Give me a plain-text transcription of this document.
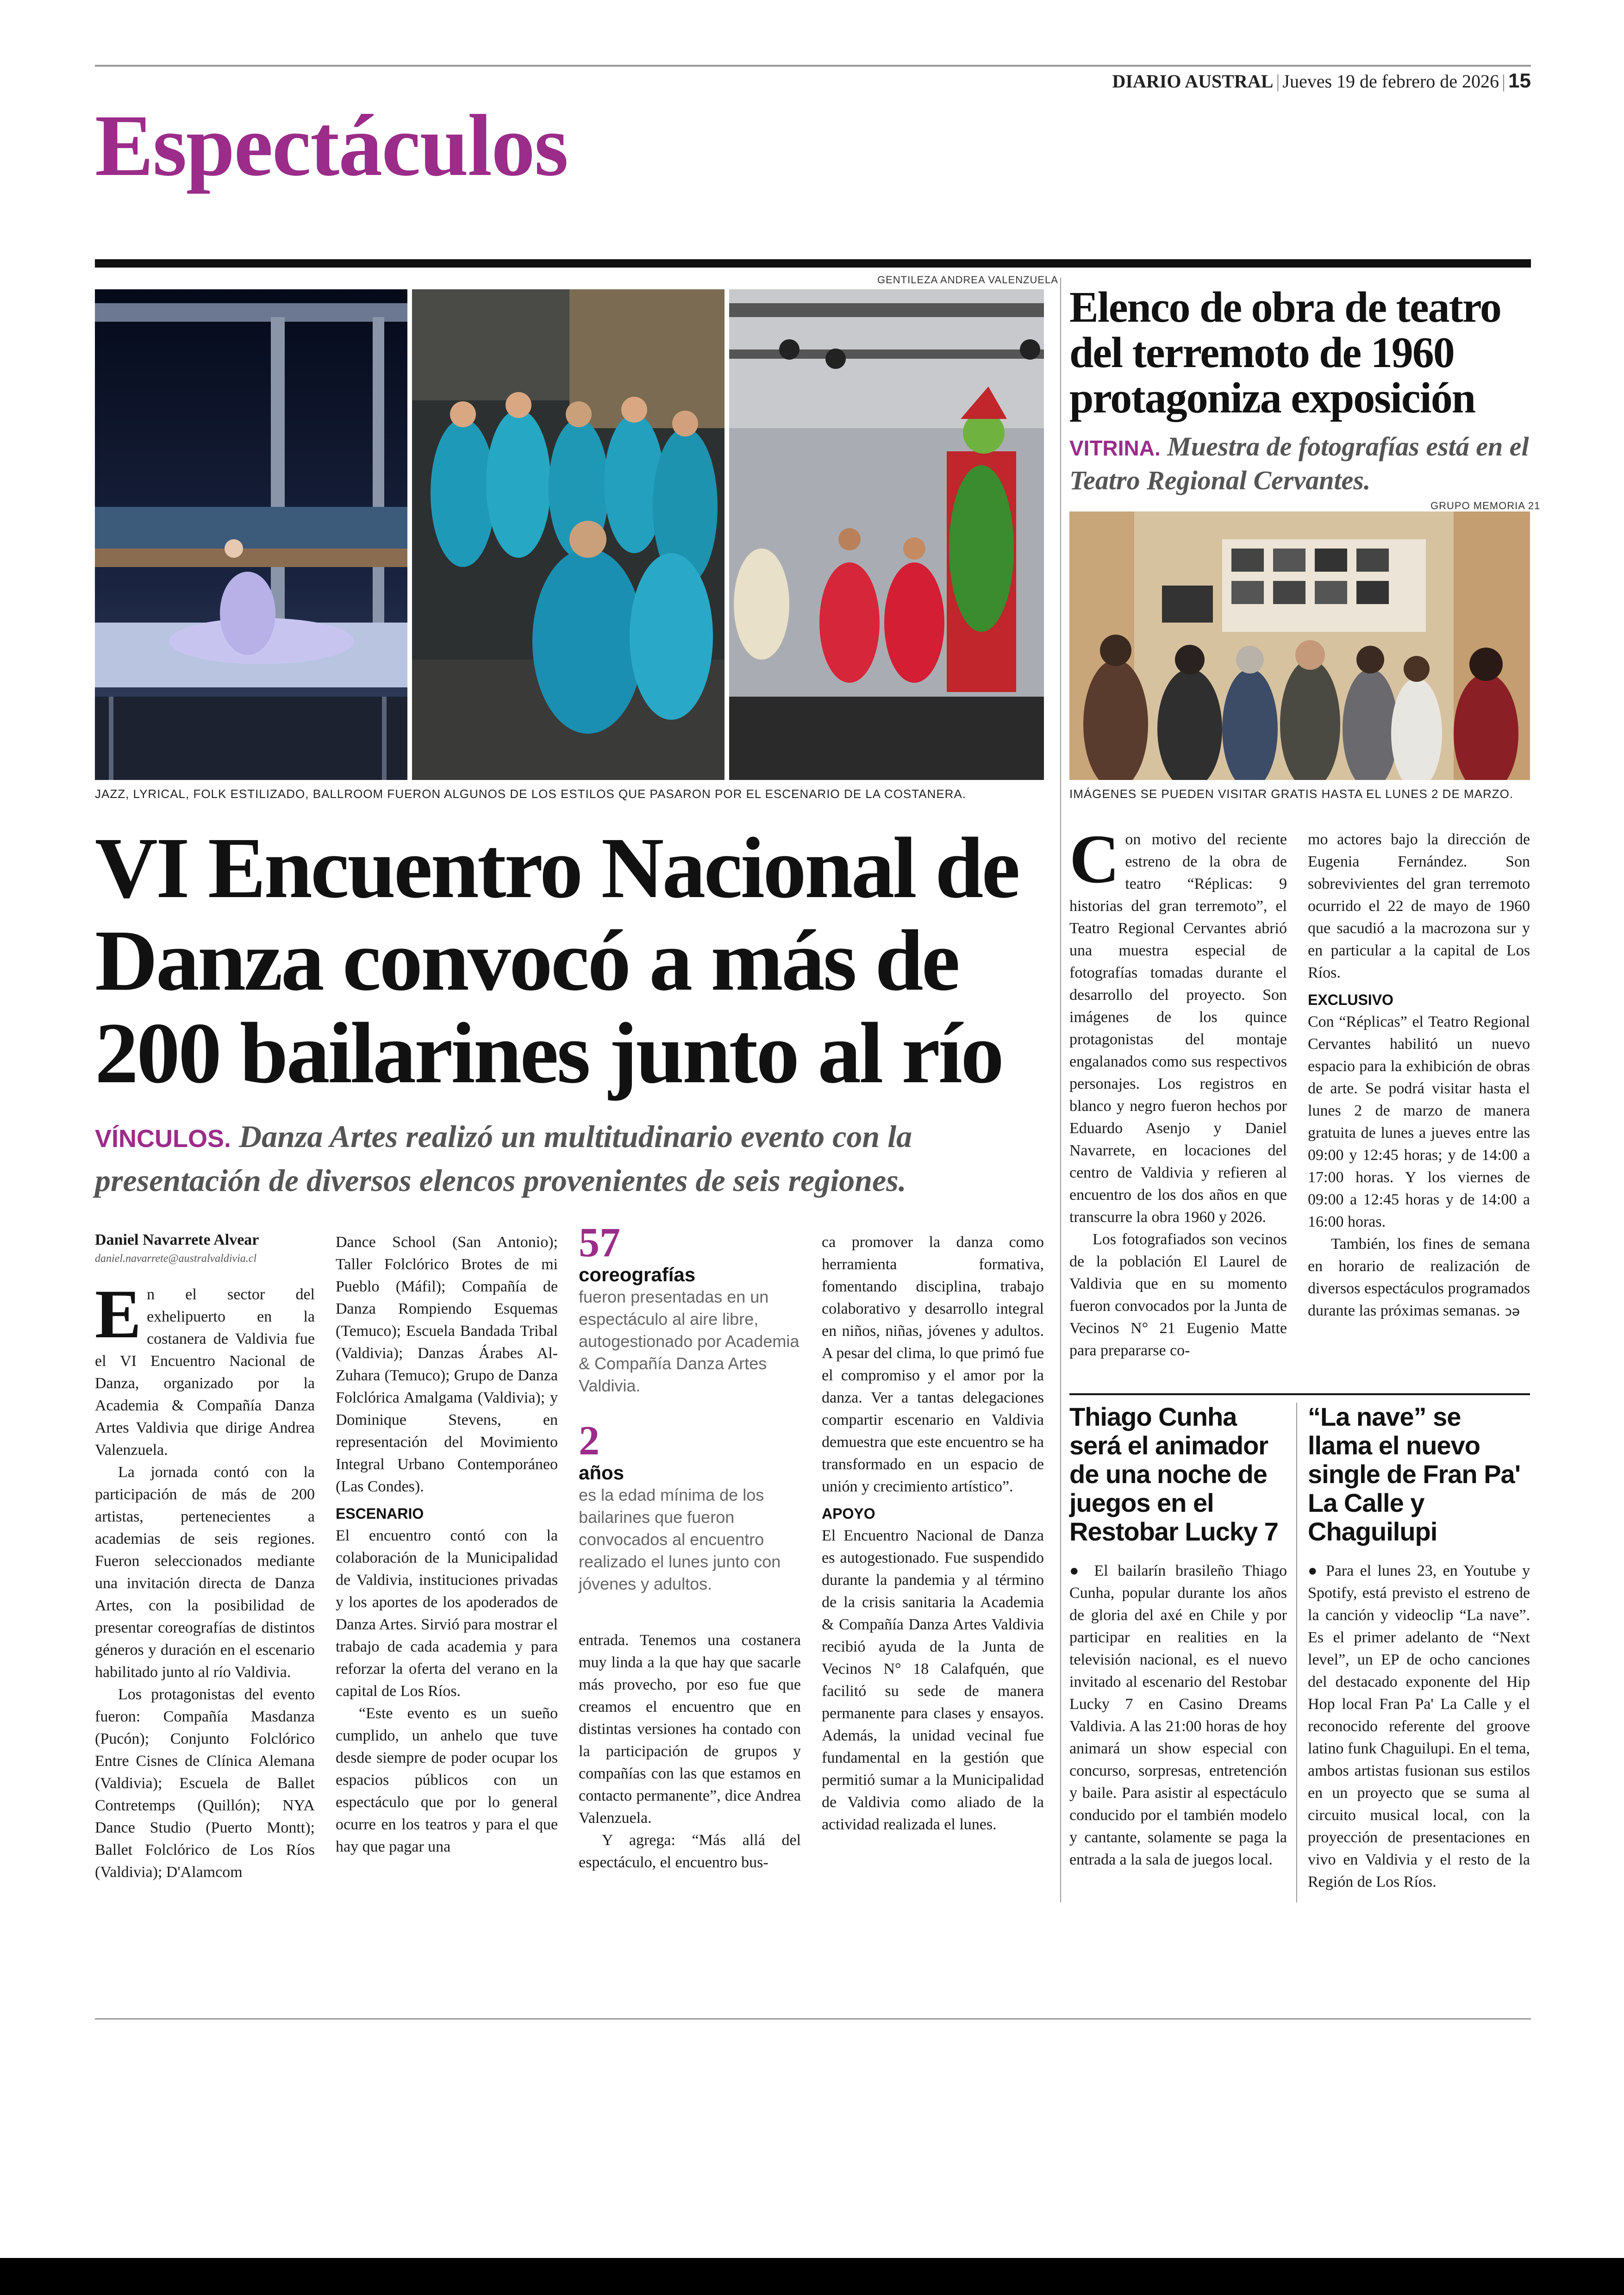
DIARIO AUSTRAL | Jueves 19 de febrero de 2026 | 15
Espectáculos
GENTILEZA ANDREA VALENZUELA
JAZZ, LYRICAL, FOLK ESTILIZADO, BALLROOM FUERON ALGUNOS DE LOS ESTILOS QUE PASARON POR EL ESCENARIO DE LA COSTANERA.
VI Encuentro Nacional de
Danza convocó a más de
200 bailarines junto al río
VÍNCULOS. Danza Artes realizó un multitudinario evento con la presentación de diversos elencos provenientes de seis regiones.
Daniel Navarrete Alvear
daniel.navarrete@australvaldivia.cl

En el sector del exhelipuerto en la costanera de Valdivia fue el VI Encuentro Nacional de Danza, organizado por la Academia & Compañía Danza Artes Valdivia que dirige Andrea Valenzuela.

La jornada contó con la participación de más de 200 artistas, pertenecientes a academias de seis regiones. Fueron seleccionados mediante una invitación directa de Danza Artes, con la posibilidad de presentar coreografías de distintos géneros y duración en el escenario habilitado junto al río Valdivia.

Los protagonistas del evento fueron: Compañía Masdanza (Pucón); Conjunto Folclórico Entre Cisnes de Clínica Alemana (Valdivia); Escuela de Ballet Contretemps (Quillón); NYA Dance Studio (Puerto Montt); Ballet Folclórico de Los Ríos (Valdivia); D'Alamcom

Dance School (San Antonio); Taller Folclórico Brotes de mi Pueblo (Máfil); Compañía de Danza Rompiendo Esquemas (Temuco); Escuela Bandada Tribal (Valdivia); Danzas Árabes Al-Zuhara (Temuco); Grupo de Danza Folclórica Amalgama (Valdivia); y Dominique Stevens, en representación del Movimiento Integral Urbano Contemporáneo (Las Condes).

ESCENARIO

El encuentro contó con la colaboración de la Municipalidad de Valdivia, instituciones privadas y los aportes de los apoderados de Danza Artes. Sirvió para mostrar el trabajo de cada academia y para reforzar la oferta del verano en la capital de Los Ríos.

“Este evento es un sueño cumplido, un anhelo que tuve desde siempre de poder ocupar los espacios públicos con un espectáculo que por lo general ocurre en los teatros y para el que hay que pagar una

57
coreografías
fueron presentadas en un espectáculo al aire libre, autogestionado por Academia & Compañía Danza Artes Valdivia.
2
años
es la edad mínima de los bailarines que fueron convocados al encuentro realizado el lunes junto con jóvenes y adultos.

entrada. Tenemos una costanera muy linda a la que hay que sacarle más provecho, por eso fue que creamos el encuentro que en distintas versiones ha contado con la participación de grupos y compañías con las que estamos en contacto permanente”, dice Andrea Valenzuela.

Y agrega: “Más allá del espectáculo, el encuentro bus-

ca promover la danza como herramienta formativa, fomentando disciplina, trabajo colaborativo y desarrollo integral en niños, niñas, jóvenes y adultos. A pesar del clima, lo que primó fue el compromiso y el amor por la danza. Ver a tantas delegaciones compartir escenario en Valdivia demuestra que este encuentro se ha transformado en un espacio de unión y crecimiento artístico”.

APOYO

El Encuentro Nacional de Danza es autogestionado. Fue suspendido durante la pandemia y al término de la crisis sanitaria la Academia & Compañía Danza Artes Valdivia recibió ayuda de la Junta de Vecinos N° 18 Calafquén, que facilitó su sede de manera permanente para clases y ensayos. Además, la unidad vecinal fue fundamental en la gestión que permitió sumar a la Municipalidad de Valdivia como aliado de la actividad realizada el lunes.

Elenco de obra de teatro
del terremoto de 1960
protagoniza exposición
VITRINA. Muestra de fotografías está en el Teatro Regional Cervantes.
GRUPO MEMORIA 21
IMÁGENES SE PUEDEN VISITAR GRATIS HASTA EL LUNES 2 DE MARZO.

Con motivo del reciente estreno de la obra de teatro “Réplicas: 9 historias del gran terremoto”, el Teatro Regional Cervantes abrió una muestra especial de fotografías tomadas durante el desarrollo del proyecto. Son imágenes de los quince protagonistas del montaje engalanados como sus respectivos personajes. Los registros en blanco y negro fueron hechos por Eduardo Asenjo y Daniel Navarrete, en locaciones del centro de Valdivia y refieren al encuentro de los dos años en que transcurre la obra 1960 y 2026.

Los fotografiados son vecinos de la población El Laurel de Valdivia que en su momento fueron convocados por la Junta de Vecinos N° 21 Eugenio Matte para prepararse co-

mo actores bajo la dirección de Eugenia Fernández. Son sobrevivientes del gran terremoto ocurrido el 22 de mayo de 1960 que sacudió a la macrozona sur y en particular a la capital de Los Ríos.

EXCLUSIVO

Con “Réplicas” el Teatro Regional Cervantes habilitó un nuevo espacio para la exhibición de obras de arte. Se podrá visitar hasta el lunes 2 de marzo de manera gratuita de lunes a jueves entre las 09:00 y 12:45 horas; y de 14:00 a 17:00 horas. Y los viernes de 09:00 a 12:45 horas y de 14:00 a 16:00 horas.

También, los fines de semana en horario de realización de diversos espectáculos programados durante las próximas semanas. ɔə

Thiago Cunha será el animador de una noche de juegos en el Restobar Lucky 7

● El bailarín brasileño Thiago Cunha, popular durante los años de gloria del axé en Chile y por participar en realities en la televisión nacional, es el nuevo invitado al escenario del Restobar Lucky 7 en Casino Dreams Valdivia. A las 21:00 horas de hoy animará un show especial con concurso, sorpresas, entretención y baile. Para asistir al espectáculo conducido por el también modelo y cantante, solamente se paga la entrada a la sala de juegos local.

“La nave” se llama el nuevo single de Fran Pa' La Calle y Chaguilupi

● Para el lunes 23, en Youtube y Spotify, está previsto el estreno de la canción y videoclip “La nave”. Es el primer adelanto de “Next level”, un EP de ocho canciones del destacado exponente del Hip Hop local Fran Pa' La Calle y el reconocido referente del groove latino funk Chaguilupi. En el tema, ambos artistas fusionan sus estilos en un proyecto que se suma al circuito musical local, con la proyección de presentaciones en vivo en Valdivia y el resto de la Región de Los Ríos.
